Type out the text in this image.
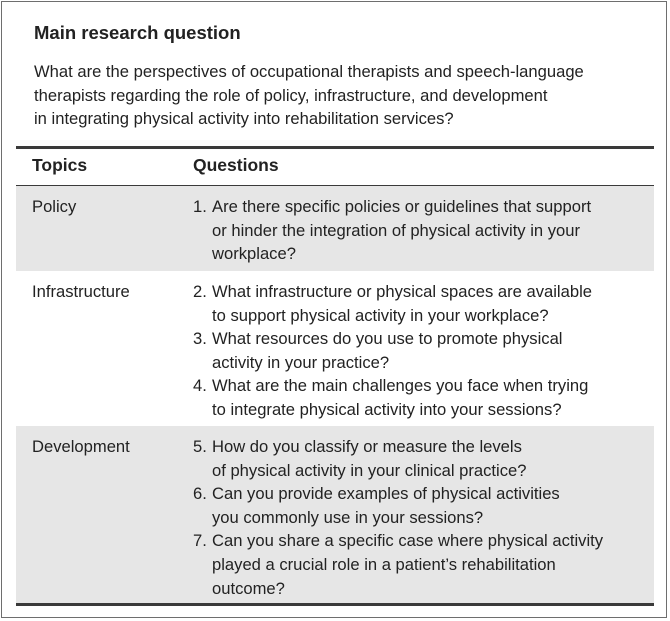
Main research question
What are the perspectives of occupational therapists and speech-language
therapists regarding the role of policy, infrastructure, and development
in integrating physical activity into rehabilitation services?
Topics	Questions
Policy	1. Are there specific policies or guidelines that support
or hinder the integration of physical activity in your
workplace?
Infrastructure	2. What infrastructure or physical spaces are available
to support physical activity in your workplace?
3. What resources do you use to promote physical
activity in your practice?
4. What are the main challenges you face when trying
to integrate physical activity into your sessions?
Development	5. How do you classify or measure the levels
of physical activity in your clinical practice?
6. Can you provide examples of physical activities
you commonly use in your sessions?
7. Can you share a specific case where physical activity
played a crucial role in a patient’s rehabilitation
outcome?
